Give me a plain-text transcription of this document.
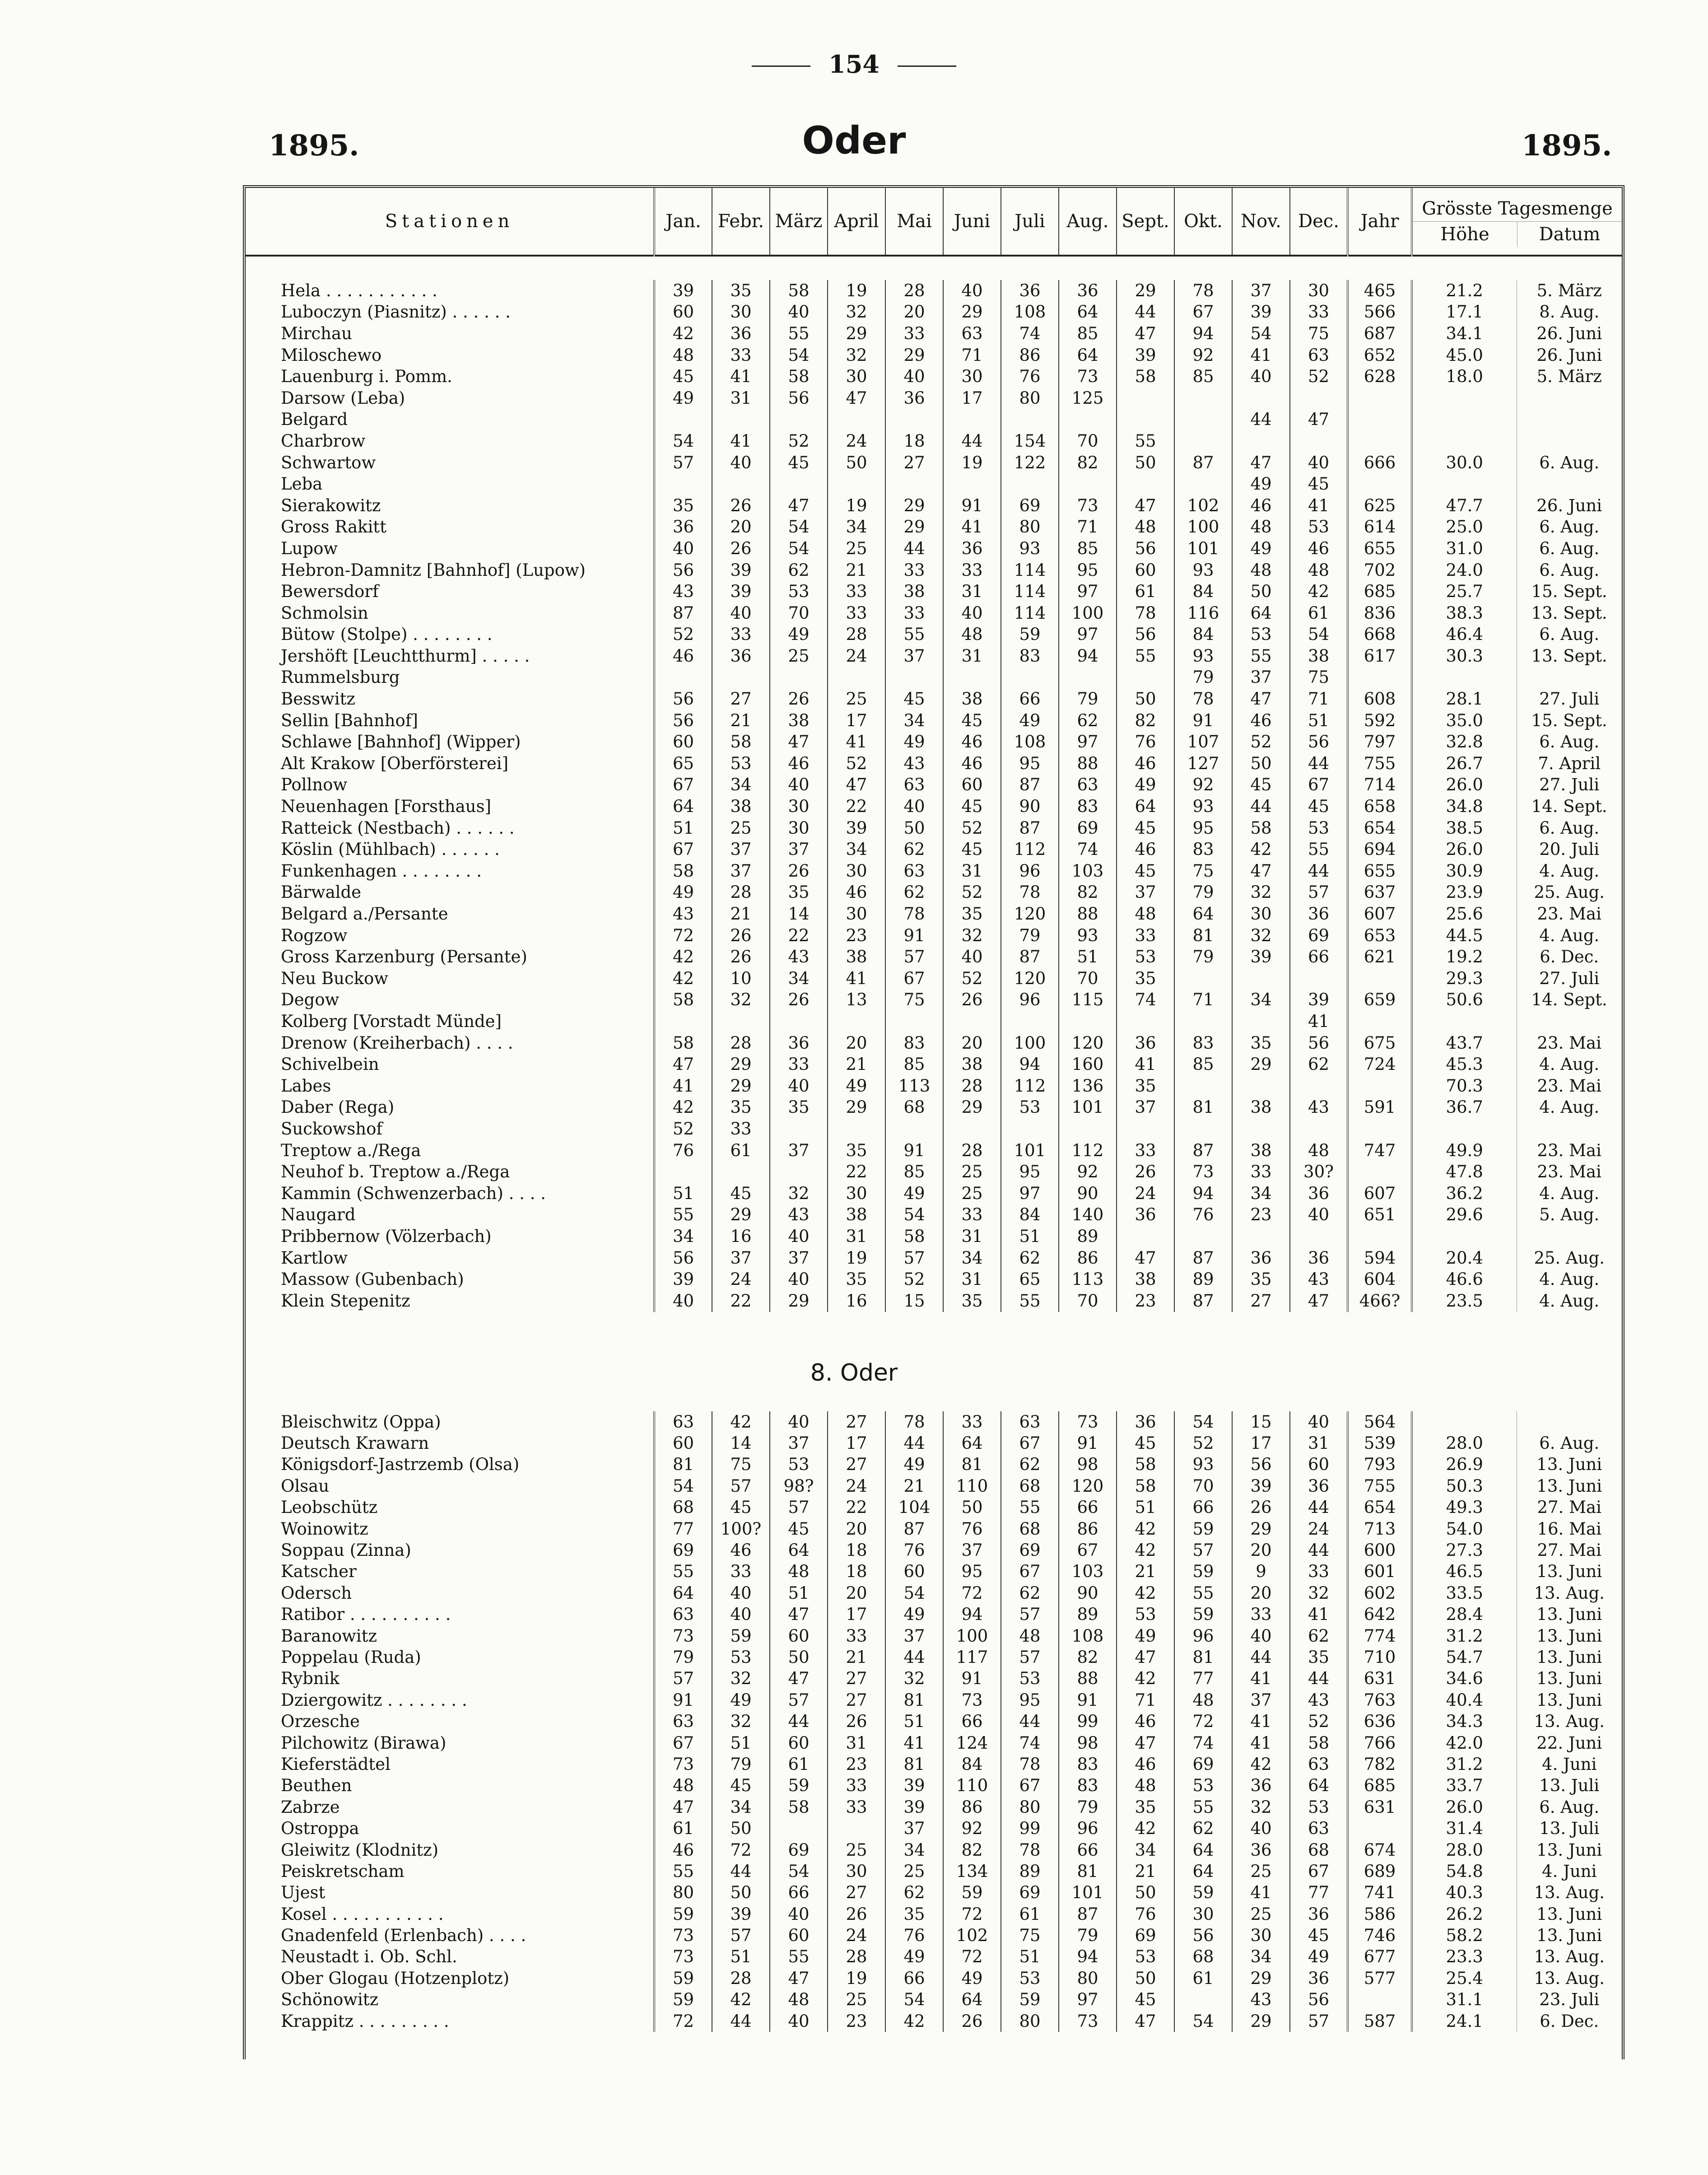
154
1895.	Oder	1895.
Stationen	Jan.	Febr.	März	April	Mai	Juni	Juli	Aug.	Sept.	Okt.	Nov.	Dec.	Jahr	
Grösste Tagesmenge
Höhe	Datum
Hela . . . . . . . . . . .	39	35	58	19	28	40	36	36	29	78	37	30	465	21.2	5. März
Luboczyn (Piasnitz) . . . . . .	60	30	40	32	20	29	108	64	44	67	39	33	566	17.1	8. Aug.
Mirchau	42	36	55	29	33	63	74	85	47	94	54	75	687	34.1	26. Juni
Miloschewo	48	33	54	32	29	71	86	64	39	92	41	63	652	45.0	26. Juni
Lauenburg i. Pomm.	45	41	58	30	40	30	76	73	58	85	40	52	628	18.0	5. März
Darsow (Leba)	49	31	56	47	36	17	80	125							
Belgard											44	47			
Charbrow	54	41	52	24	18	44	154	70	55						
Schwartow	57	40	45	50	27	19	122	82	50	87	47	40	666	30.0	6. Aug.
Leba											49	45			
Sierakowitz	35	26	47	19	29	91	69	73	47	102	46	41	625	47.7	26. Juni
Gross Rakitt	36	20	54	34	29	41	80	71	48	100	48	53	614	25.0	6. Aug.
Lupow	40	26	54	25	44	36	93	85	56	101	49	46	655	31.0	6. Aug.
Hebron-Damnitz [Bahnhof] (Lupow)	56	39	62	21	33	33	114	95	60	93	48	48	702	24.0	6. Aug.
Bewersdorf	43	39	53	33	38	31	114	97	61	84	50	42	685	25.7	15. Sept.
Schmolsin	87	40	70	33	33	40	114	100	78	116	64	61	836	38.3	13. Sept.
Bütow (Stolpe) . . . . . . . .	52	33	49	28	55	48	59	97	56	84	53	54	668	46.4	6. Aug.
Jershöft [Leuchtthurm] . . . . .	46	36	25	24	37	31	83	94	55	93	55	38	617	30.3	13. Sept.
Rummelsburg										79	37	75			
Besswitz	56	27	26	25	45	38	66	79	50	78	47	71	608	28.1	27. Juli
Sellin [Bahnhof]	56	21	38	17	34	45	49	62	82	91	46	51	592	35.0	15. Sept.
Schlawe [Bahnhof] (Wipper)	60	58	47	41	49	46	108	97	76	107	52	56	797	32.8	6. Aug.
Alt Krakow [Oberförsterei]	65	53	46	52	43	46	95	88	46	127	50	44	755	26.7	7. April
Pollnow	67	34	40	47	63	60	87	63	49	92	45	67	714	26.0	27. Juli
Neuenhagen [Forsthaus]	64	38	30	22	40	45	90	83	64	93	44	45	658	34.8	14. Sept.
Ratteick (Nestbach) . . . . . .	51	25	30	39	50	52	87	69	45	95	58	53	654	38.5	6. Aug.
Köslin (Mühlbach) . . . . . .	67	37	37	34	62	45	112	74	46	83	42	55	694	26.0	20. Juli
Funkenhagen . . . . . . . .	58	37	26	30	63	31	96	103	45	75	47	44	655	30.9	4. Aug.
Bärwalde	49	28	35	46	62	52	78	82	37	79	32	57	637	23.9	25. Aug.
Belgard a./Persante	43	21	14	30	78	35	120	88	48	64	30	36	607	25.6	23. Mai
Rogzow	72	26	22	23	91	32	79	93	33	81	32	69	653	44.5	4. Aug.
Gross Karzenburg (Persante)	42	26	43	38	57	40	87	51	53	79	39	66	621	19.2	6. Dec.
Neu Buckow	42	10	34	41	67	52	120	70	35					29.3	27. Juli
Degow	58	32	26	13	75	26	96	115	74	71	34	39	659	50.6	14. Sept.
Kolberg [Vorstadt Münde]												41			
Drenow (Kreiherbach) . . . .	58	28	36	20	83	20	100	120	36	83	35	56	675	43.7	23. Mai
Schivelbein	47	29	33	21	85	38	94	160	41	85	29	62	724	45.3	4. Aug.
Labes	41	29	40	49	113	28	112	136	35					70.3	23. Mai
Daber (Rega)	42	35	35	29	68	29	53	101	37	81	38	43	591	36.7	4. Aug.
Suckowshof	52	33													
Treptow a./Rega	76	61	37	35	91	28	101	112	33	87	38	48	747	49.9	23. Mai
Neuhof b. Treptow a./Rega				22	85	25	95	92	26	73	33	30?		47.8	23. Mai
Kammin (Schwenzerbach) . . . .	51	45	32	30	49	25	97	90	24	94	34	36	607	36.2	4. Aug.
Naugard	55	29	43	38	54	33	84	140	36	76	23	40	651	29.6	5. Aug.
Pribbernow (Völzerbach)	34	16	40	31	58	31	51	89							
Kartlow	56	37	37	19	57	34	62	86	47	87	36	36	594	20.4	25. Aug.
Massow (Gubenbach)	39	24	40	35	52	31	65	113	38	89	35	43	604	46.6	4. Aug.
Klein Stepenitz	40	22	29	16	15	35	55	70	23	87	27	47	466?	23.5	4. Aug.
8. Oder
Bleischwitz (Oppa)	63	42	40	27	78	33	63	73	36	54	15	40	564		
Deutsch Krawarn	60	14	37	17	44	64	67	91	45	52	17	31	539	28.0	6. Aug.
Königsdorf-Jastrzemb (Olsa)	81	75	53	27	49	81	62	98	58	93	56	60	793	26.9	13. Juni
Olsau	54	57	98?	24	21	110	68	120	58	70	39	36	755	50.3	13. Juni
Leobschütz	68	45	57	22	104	50	55	66	51	66	26	44	654	49.3	27. Mai
Woinowitz	77	100?	45	20	87	76	68	86	42	59	29	24	713	54.0	16. Mai
Soppau (Zinna)	69	46	64	18	76	37	69	67	42	57	20	44	600	27.3	27. Mai
Katscher	55	33	48	18	60	95	67	103	21	59	9	33	601	46.5	13. Juni
Odersch	64	40	51	20	54	72	62	90	42	55	20	32	602	33.5	13. Aug.
Ratibor . . . . . . . . . .	63	40	47	17	49	94	57	89	53	59	33	41	642	28.4	13. Juni
Baranowitz	73	59	60	33	37	100	48	108	49	96	40	62	774	31.2	13. Juni
Poppelau (Ruda)	79	53	50	21	44	117	57	82	47	81	44	35	710	54.7	13. Juni
Rybnik	57	32	47	27	32	91	53	88	42	77	41	44	631	34.6	13. Juni
Dziergowitz . . . . . . . .	91	49	57	27	81	73	95	91	71	48	37	43	763	40.4	13. Juni
Orzesche	63	32	44	26	51	66	44	99	46	72	41	52	636	34.3	13. Aug.
Pilchowitz (Birawa)	67	51	60	31	41	124	74	98	47	74	41	58	766	42.0	22. Juni
Kieferstädtel	73	79	61	23	81	84	78	83	46	69	42	63	782	31.2	4. Juni
Beuthen	48	45	59	33	39	110	67	83	48	53	36	64	685	33.7	13. Juli
Zabrze	47	34	58	33	39	86	80	79	35	55	32	53	631	26.0	6. Aug.
Ostroppa	61	50			37	92	99	96	42	62	40	63		31.4	13. Juli
Gleiwitz (Klodnitz)	46	72	69	25	34	82	78	66	34	64	36	68	674	28.0	13. Juni
Peiskretscham	55	44	54	30	25	134	89	81	21	64	25	67	689	54.8	4. Juni
Ujest	80	50	66	27	62	59	69	101	50	59	41	77	741	40.3	13. Aug.
Kosel . . . . . . . . . . .	59	39	40	26	35	72	61	87	76	30	25	36	586	26.2	13. Juni
Gnadenfeld (Erlenbach) . . . .	73	57	60	24	76	102	75	79	69	56	30	45	746	58.2	13. Juni
Neustadt i. Ob. Schl.	73	51	55	28	49	72	51	94	53	68	34	49	677	23.3	13. Aug.
Ober Glogau (Hotzenplotz)	59	28	47	19	66	49	53	80	50	61	29	36	577	25.4	13. Aug.
Schönowitz	59	42	48	25	54	64	59	97	45		43	56		31.1	23. Juli
Krappitz . . . . . . . . .	72	44	40	23	42	26	80	73	47	54	29	57	587	24.1	6. Dec.
